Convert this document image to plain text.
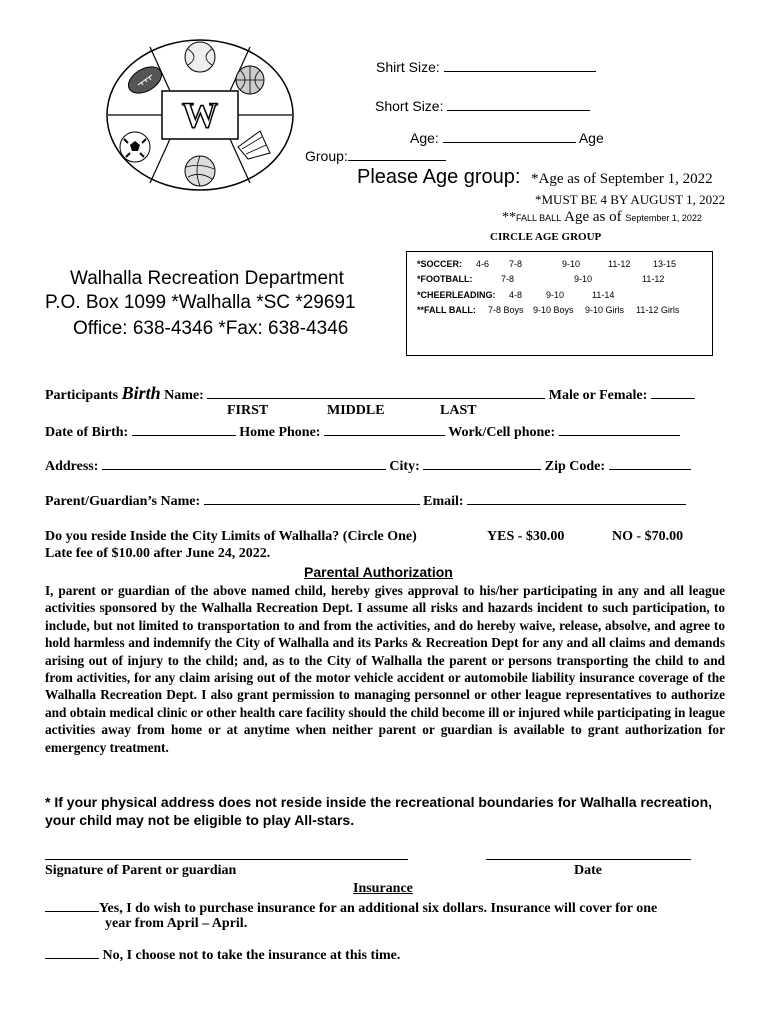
W
Shirt Size:
Short Size:
Age:	Age
Group:
Please Age group: *Age as of September 1, 2022
*MUST BE 4 BY AUGUST 1, 2022
**FALL BALL Age as of September 1, 2022
CIRCLE AGE GROUP
Walhalla Recreation Department
P.O. Box 1099 *Walhalla *SC *29691
Office: 638-4346 *Fax: 638-4346
*SOCCER: 4-6 7-8	9-10	11-12	13-15
*FOOTBALL:	7-8	9-10	11-12
*CHEERLEADING: 4-8	9-10	11-14
**FALL BALL: 7-8 Boys 9-10 Boys 9-10 Girls 11-12 Girls
Participants Birth Name:	Male or Female:
FIRST	MIDDLE	LAST
Date of Birth:	Home Phone:	Work/Cell phone:
Address:	City:	Zip Code:
Parent/Guardian’s Name:	Email:
Do you reside Inside the City Limits of Walhalla? (Circle One)	YES - $30.00	NO - $70.00
Late fee of $10.00 after June 24, 2022.
Parental Authorization
I, parent or guardian of the above named child, hereby gives approval to his/her participating in any and all league activities sponsored by the Walhalla Recreation Dept. I assume all risks and hazards incident to such participation, to include, but not limited to transportation to and from the activities, and do hereby waive, release, absolve, and agree to hold harmless and indemnify the City of Walhalla and its Parks & Recreation Dept for any and all claims and demands arising out of injury to the child; and, as to the City of Walhalla the parent or persons transporting the child to and from activities, for any claim arising out of the motor vehicle accident or automobile liability insurance coverage of the Walhalla Recreation Dept. I also grant permission to managing personnel or other league representatives to authorize and obtain medical clinic or other health care facility should the child become ill or injured while participating in league activities away from home or at anytime when neither parent or guardian is available to grant authorization for emergency treatment.
* If your physical address does not reside inside the recreational boundaries for Walhalla recreation, your child may not be eligible to play All-stars.
Signature of Parent or guardian	Date
Insurance
Yes, I do wish to purchase insurance for an additional six dollars. Insurance will cover for one
year from April – April.
No, I choose not to take the insurance at this time.
